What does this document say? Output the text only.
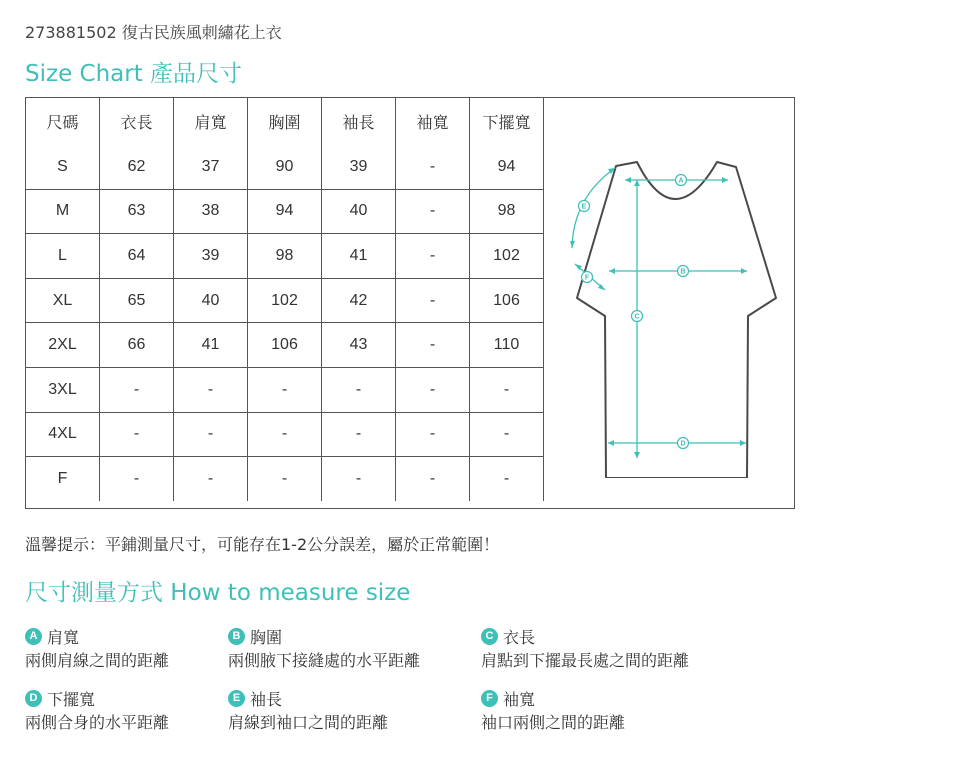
273881502 復古民族風刺繡花上衣
Size Chart 產品尺寸
尺碼	衣長	肩寬	胸圍	袖長	袖寬	下擺寬
S	62	37	90	39	-	94
M	63	38	94	40	-	98
L	64	39	98	41	-	102
XL	65	40	102	42	-	106
2XL	66	41	106	43	-	110
3XL	-	-	-	-	-	-
4XL	-	-	-	-	-	-
F	-	-	-	-	-	-
A
B
C
D
E
F
溫馨提示：平鋪測量尺寸，可能存在1-2公分誤差，屬於正常範圍！
尺寸測量方式 How to measure size
A 肩寬
兩側肩線之間的距離
B 胸圍
兩側腋下接縫處的水平距離
C 衣長
肩點到下擺最長處之間的距離
D 下擺寬
兩側合身的水平距離
E 袖長
肩線到袖口之間的距離
F 袖寬
袖口兩側之間的距離
